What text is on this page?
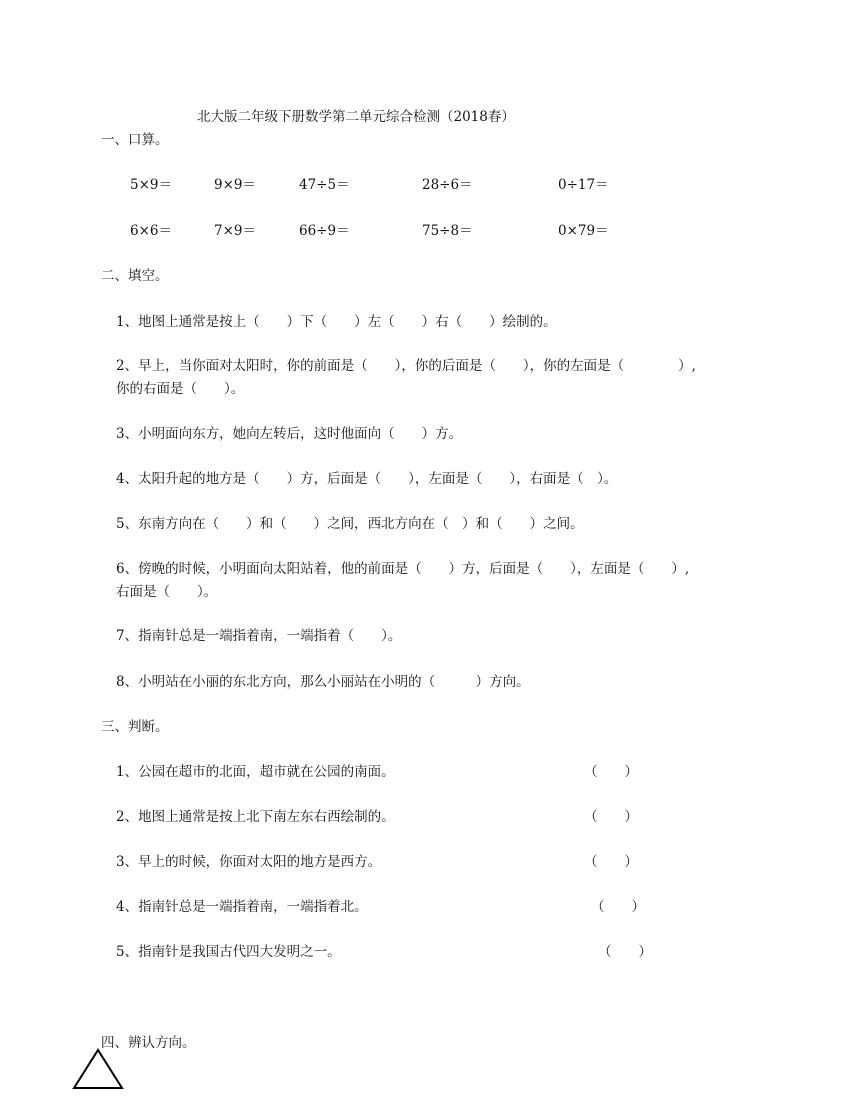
北大版二年级下册数学第二单元综合检测（2018春）
一、口算。
5×9＝	9×9＝	47÷5＝	28÷6＝	0÷17＝
6×6＝	7×9＝	66÷9＝	75÷8＝	0×79＝
二、填空。
1、地图上通常是按上（　　）下（　　）左（　　）右（　　）绘制的。
2、早上，当你面对太阳时，你的前面是（　　），你的后面是（　　），你的左面是（　　　　）,
你的右面是（　　）。
3、小明面向东方，她向左转后，这时他面向（　　）方。
4、太阳升起的地方是（　　）方，后面是（　　），左面是（　　），右面是（　）。
5、东南方向在（　　）和（　　）之间，西北方向在（　）和（　　）之间。
6、傍晚的时候，小明面向太阳站着，他的前面是（　　）方，后面是（　　），左面是（　　）,
右面是（　　）。
7、指南针总是一端指着南，一端指着（　　）。
8、小明站在小丽的东北方向，那么小丽站在小明的（　　　）方向。
三、判断。
1、公园在超市的北面，超市就在公园的南面。	（　　）
2、地图上通常是按上北下南左东右西绘制的。	（　　）
3、早上的时候，你面对太阳的地方是西方。	（　　）
4、指南针总是一端指着南，一端指着北。	（　　）
5、指南针是我国古代四大发明之一。	（　　）
四、辨认方向。
